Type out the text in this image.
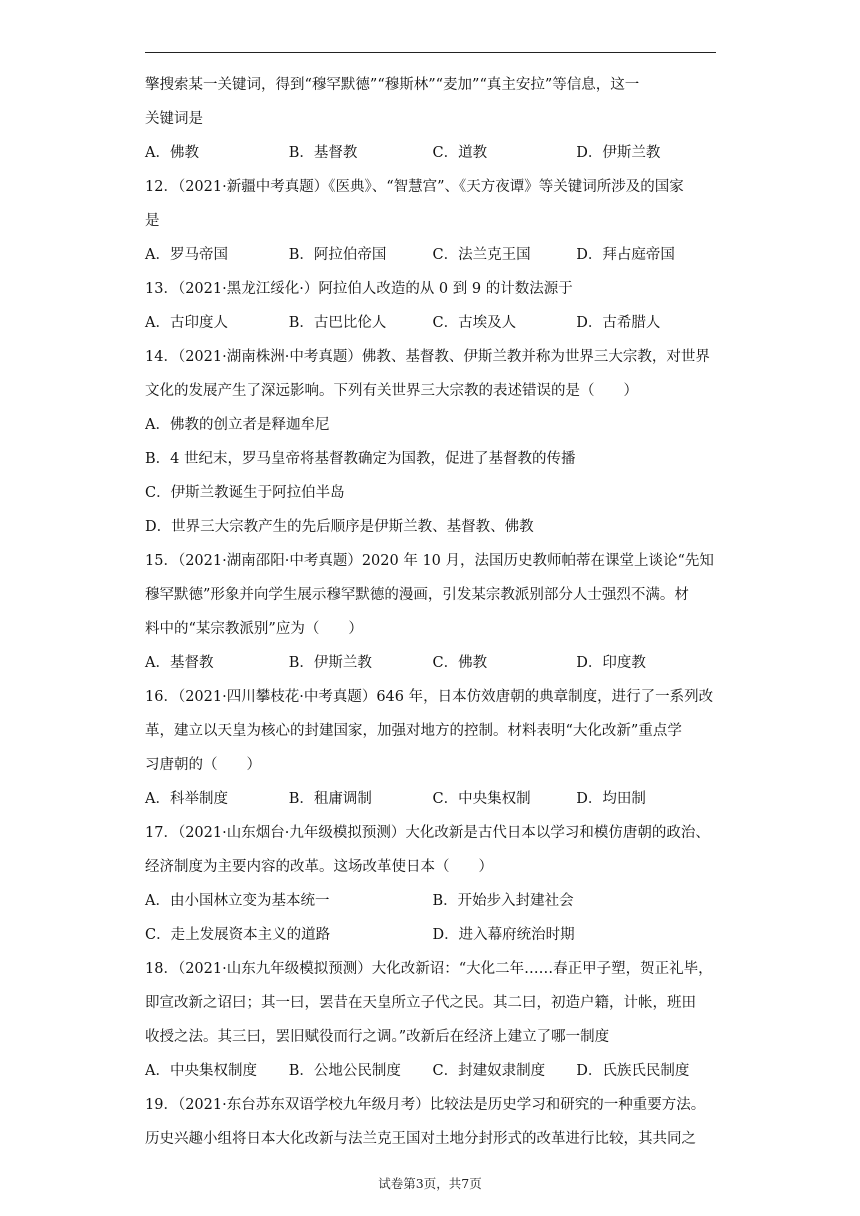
擎搜索某一关键词，得到“穆罕默德”“穆斯林”“麦加”“真主安拉”等信息，这一
关键词是
A．佛教	B．基督教	C．道教	D．伊斯兰教
12．（2021·新疆中考真题）《医典》、“智慧宫”、《天方夜谭》等关键词所涉及的国家
是
A．罗马帝国	B．阿拉伯帝国	C．法兰克王国	D．拜占庭帝国
13．（2021·黑龙江绥化·）阿拉伯人改造的从 0 到 9 的计数法源于
A．古印度人	B．古巴比伦人	C．古埃及人	D．古希腊人
14．（2021·湖南株洲·中考真题）佛教、基督教、伊斯兰教并称为世界三大宗教，对世界
文化的发展产生了深远影响。下列有关世界三大宗教的表述错误的是（　　）
A．佛教的创立者是释迦牟尼
B．4 世纪末，罗马皇帝将基督教确定为国教，促进了基督教的传播
C．伊斯兰教诞生于阿拉伯半岛
D．世界三大宗教产生的先后顺序是伊斯兰教、基督教、佛教
15．（2021·湖南邵阳·中考真题）2020 年 10 月，法国历史教师帕蒂在课堂上谈论“先知
穆罕默德”形象并向学生展示穆罕默德的漫画，引发某宗教派别部分人士强烈不满。材
料中的“某宗教派别”应为（　　）
A．基督教	B．伊斯兰教	C．佛教	D．印度教
16．（2021·四川攀枝花·中考真题）646 年，日本仿效唐朝的典章制度，进行了一系列改
革，建立以天皇为核心的封建国家，加强对地方的控制。材料表明“大化改新”重点学
习唐朝的（　　）
A．科举制度	B．租庸调制	C．中央集权制	D．均田制
17．（2021·山东烟台·九年级模拟预测）大化改新是古代日本以学习和模仿唐朝的政治、
经济制度为主要内容的改革。这场改革使日本（　　）
A．由小国林立变为基本统一	B．开始步入封建社会
C．走上发展资本主义的道路	D．进入幕府统治时期
18．（2021·山东九年级模拟预测）大化改新诏：“大化二年……春正甲子塑，贺正礼毕，
即宣改新之诏曰；其一曰，罢昔在天皇所立子代之民。其二曰，初造户籍，计帐，班田
收授之法。其三曰，罢旧赋役而行之调。”改新后在经济上建立了哪一制度
A．中央集权制度	B．公地公民制度	C．封建奴隶制度	D．氏族氏民制度
19．（2021·东台苏东双语学校九年级月考）比较法是历史学习和研究的一种重要方法。
历史兴趣小组将日本大化改新与法兰克王国对土地分封形式的改革进行比较，其共同之
试卷第3页，共7页
